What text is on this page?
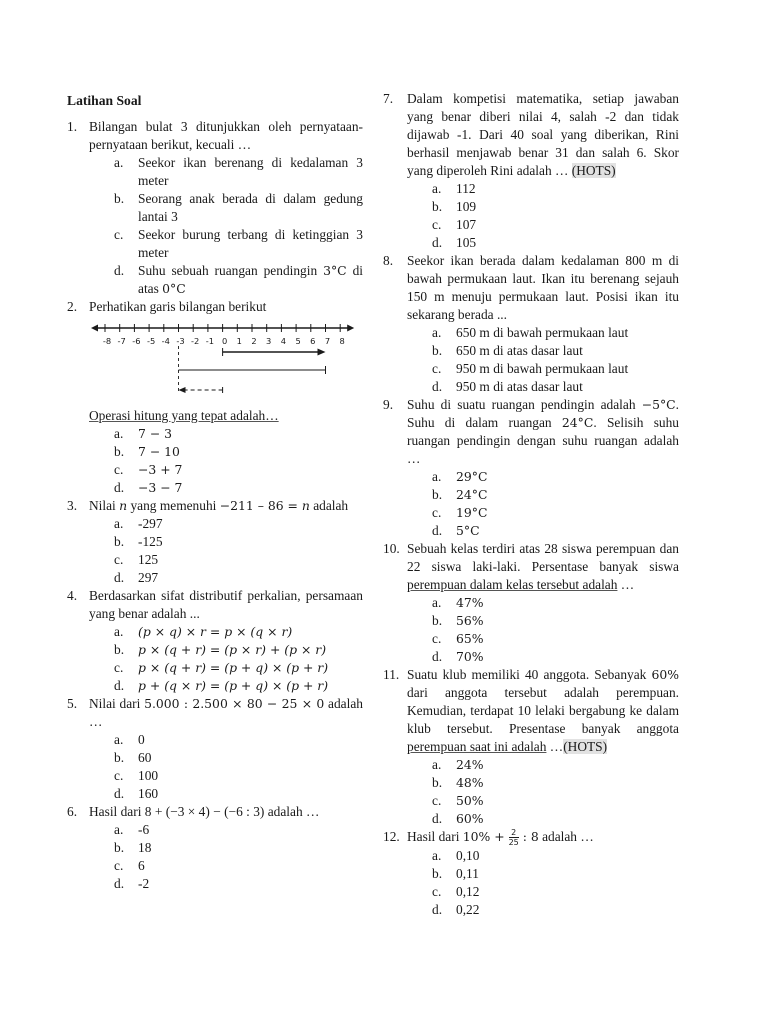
Latihan Soal
1. Bilangan bulat 3 ditunjukkan oleh pernyataan-pernyataan berikut, kecuali …
a. Seekor ikan berenang di kedalaman 3 meter
b. Seorang anak berada di dalam gedung lantai 3
c. Seekor burung terbang di ketinggian 3 meter
d. Suhu sebuah ruangan pendingin 3°C di atas 0°C
2. Perhatikan garis bilangan berikut
-8 -7 -6 -5 -4 -3 -2 -1 0 1 2 3 4 5 6 7 8
Operasi hitung yang tepat adalah…
a. 7 − 3
b. 7 − 10
c. −3 + 7
d. −3 − 7
3. Nilai n yang memenuhi −211 – 86 = n adalah
a. -297
b. -125
c. 125
d. 297
4. Berdasarkan sifat distributif perkalian, persamaan yang benar adalah ...
a. (p × q) × r = p × (q × r)
b. p × (q + r) = (p × r) + (p × r)
c. p × (q + r) = (p + q) × (p + r)
d. p + (q × r) = (p + q) × (p + r)
5. Nilai dari 5.000 : 2.500 × 80 − 25 × 0 adalah …
a. 0
b. 60
c. 100
d. 160
6. Hasil dari 8 + (−3 × 4) − (−6 : 3) adalah …
a. -6
b. 18
c. 6
d. -2
7. Dalam kompetisi matematika, setiap jawaban yang benar diberi nilai 4, salah -2 dan tidak dijawab -1. Dari 40 soal yang diberikan, Rini berhasil menjawab benar 31 dan salah 6. Skor yang diperoleh Rini adalah … (HOTS)
a. 112
b. 109
c. 107
d. 105
8. Seekor ikan berada dalam kedalaman 800 m di bawah permukaan laut. Ikan itu berenang sejauh 150 m menuju permukaan laut. Posisi ikan itu sekarang berada ...
a. 650 m di bawah permukaan laut
b. 650 m di atas dasar laut
c. 950 m di bawah permukaan laut
d. 950 m di atas dasar laut
9. Suhu di suatu ruangan pendingin adalah −5°C. Suhu di dalam ruangan 24°C. Selisih suhu ruangan pendingin dengan suhu ruangan adalah …
a. 29°C
b. 24°C
c. 19°C
d. 5°C
10. Sebuah kelas terdiri atas 28 siswa perempuan dan 22 siswa laki-laki. Persentase banyak siswa perempuan dalam kelas tersebut adalah …
a. 47%
b. 56%
c. 65%
d. 70%
11. Suatu klub memiliki 40 anggota. Sebanyak 60% dari anggota tersebut adalah perempuan. Kemudian, terdapat 10 lelaki bergabung ke dalam klub tersebut. Presentase banyak anggota perempuan saat ini adalah …(HOTS)
a. 24%
b. 48%
c. 50%
d. 60%
12. Hasil dari $10\% + \frac{2}{25}$ : 8 adalah …
a. 0,10
b. 0,11
c. 0,12
d. 0,22
